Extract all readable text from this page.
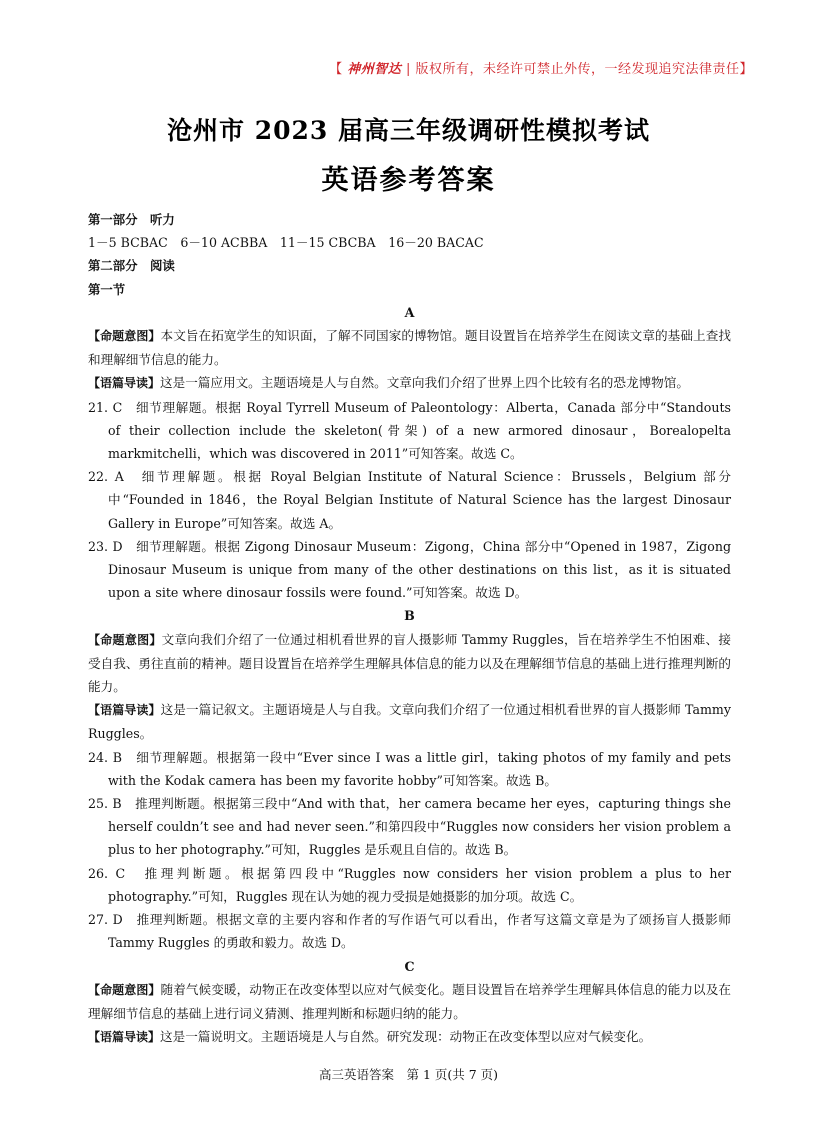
【 神州智达 | 版权所有，未经许可禁止外传，一经发现追究法律责任】
沧州市 2023 届高三年级调研性模拟考试
英语参考答案
第一部分　听力
1－5 BCBAC　6－10 ACBBA　11－15 CBCBA　16－20 BACAC
第二部分　阅读
第一节
A
【命题意图】本文旨在拓宽学生的知识面，了解不同国家的博物馆。题目设置旨在培养学生在阅读文章的基础上查找和理解细节信息的能力。
【语篇导读】这是一篇应用文。主题语境是人与自然。文章向我们介绍了世界上四个比较有名的恐龙博物馆。
21. C　细节理解题。根据 Royal Tyrrell Museum of Paleontology：Alberta，Canada 部分中“Standouts of their collection include the skeleton(骨架) of a new armored dinosaur，Borealopelta markmitchelli，which was discovered in 2011”可知答案。故选 C。
22. A　细节理解题。根据 Royal Belgian Institute of Natural Science：Brussels，Belgium 部分中“Founded in 1846，the Royal Belgian Institute of Natural Science has the largest Dinosaur Gallery in Europe”可知答案。故选 A。
23. D　细节理解题。根据 Zigong Dinosaur Museum：Zigong，China 部分中“Opened in 1987，Zigong Dinosaur Museum is unique from many of the other destinations on this list，as it is situated upon a site where dinosaur fossils were found.”可知答案。故选 D。
B
【命题意图】文章向我们介绍了一位通过相机看世界的盲人摄影师 Tammy Ruggles，旨在培养学生不怕困难、接受自我、勇往直前的精神。题目设置旨在培养学生理解具体信息的能力以及在理解细节信息的基础上进行推理判断的能力。
【语篇导读】这是一篇记叙文。主题语境是人与自我。文章向我们介绍了一位通过相机看世界的盲人摄影师 Tammy Ruggles。
24. B　细节理解题。根据第一段中“Ever since I was a little girl，taking photos of my family and pets with the Kodak camera has been my favorite hobby”可知答案。故选 B。
25. B　推理判断题。根据第三段中“And with that，her camera became her eyes，capturing things she herself couldn’t see and had never seen.”和第四段中“Ruggles now considers her vision problem a plus to her photography.”可知，Ruggles 是乐观且自信的。故选 B。
26. C　推理判断题。根据第四段中“Ruggles now considers her vision problem a plus to her photography.”可知，Ruggles 现在认为她的视力受损是她摄影的加分项。故选 C。
27. D　推理判断题。根据文章的主要内容和作者的写作语气可以看出，作者写这篇文章是为了颂扬盲人摄影师 Tammy Ruggles 的勇敢和毅力。故选 D。
C
【命题意图】随着气候变暖，动物正在改变体型以应对气候变化。题目设置旨在培养学生理解具体信息的能力以及在理解细节信息的基础上进行词义猜测、推理判断和标题归纳的能力。
【语篇导读】这是一篇说明文。主题语境是人与自然。研究发现：动物正在改变体型以应对气候变化。
高三英语答案　第 1 页(共 7 页)
